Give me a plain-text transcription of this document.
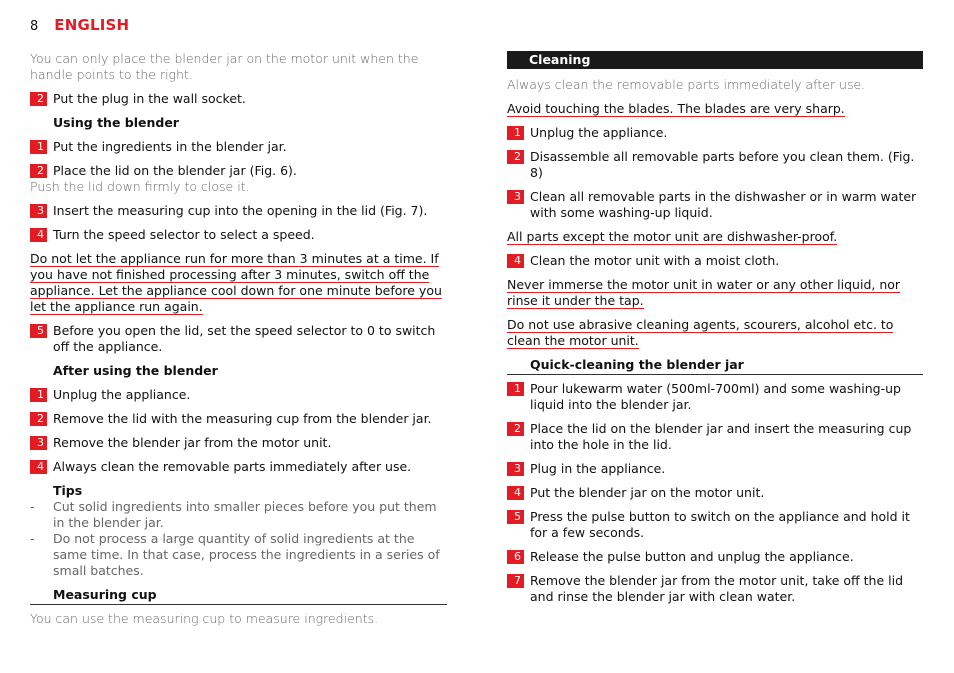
8 ENGLISH

You can only place the blender jar on the motor unit when the handle points to the right.

2 Put the plug in the wall socket.
Using the blender
1 Put the ingredients in the blender jar.
2 Place the lid on the blender jar (Fig. 6).

Push the lid down firmly to close it.

3 Insert the measuring cup into the opening in the lid (Fig. 7).
4 Turn the speed selector to select a speed.

Do not let the appliance run for more than 3 minutes at a time. If you have not finished processing after 3 minutes, switch off the appliance. Let the appliance cool down for one minute before you let the appliance run again.

5 Before you open the lid, set the speed selector to 0 to switch off the appliance.
After using the blender
1 Unplug the appliance.
2 Remove the lid with the measuring cup from the blender jar.
3 Remove the blender jar from the motor unit.
4 Always clean the removable parts immediately after use.
Tips
-	Cut solid ingredients into smaller pieces before you put them in the blender jar.
-	Do not process a large quantity of solid ingredients at the same time. In that case, process the ingredients in a series of small batches.
Measuring cup

You can use the measuring cup to measure ingredients.

Cleaning

Always clean the removable parts immediately after use.

Avoid touching the blades. The blades are very sharp.

1 Unplug the appliance.
2 Disassemble all removable parts before you clean them. (Fig. 8)
3 Clean all removable parts in the dishwasher or in warm water with some washing-up liquid.

All parts except the motor unit are dishwasher-proof.

4 Clean the motor unit with a moist cloth.

Never immerse the motor unit in water or any other liquid, nor rinse it under the tap.

Do not use abrasive cleaning agents, scourers, alcohol etc. to clean the motor unit.

Quick-cleaning the blender jar
1 Pour lukewarm water (500ml-700ml) and some washing-up liquid into the blender jar.
2 Place the lid on the blender jar and insert the measuring cup into the hole in the lid.
3 Plug in the appliance.
4 Put the blender jar on the motor unit.
5 Press the pulse button to switch on the appliance and hold it for a few seconds.
6 Release the pulse button and unplug the appliance.
7 Remove the blender jar from the motor unit, take off the lid and rinse the blender jar with clean water.
